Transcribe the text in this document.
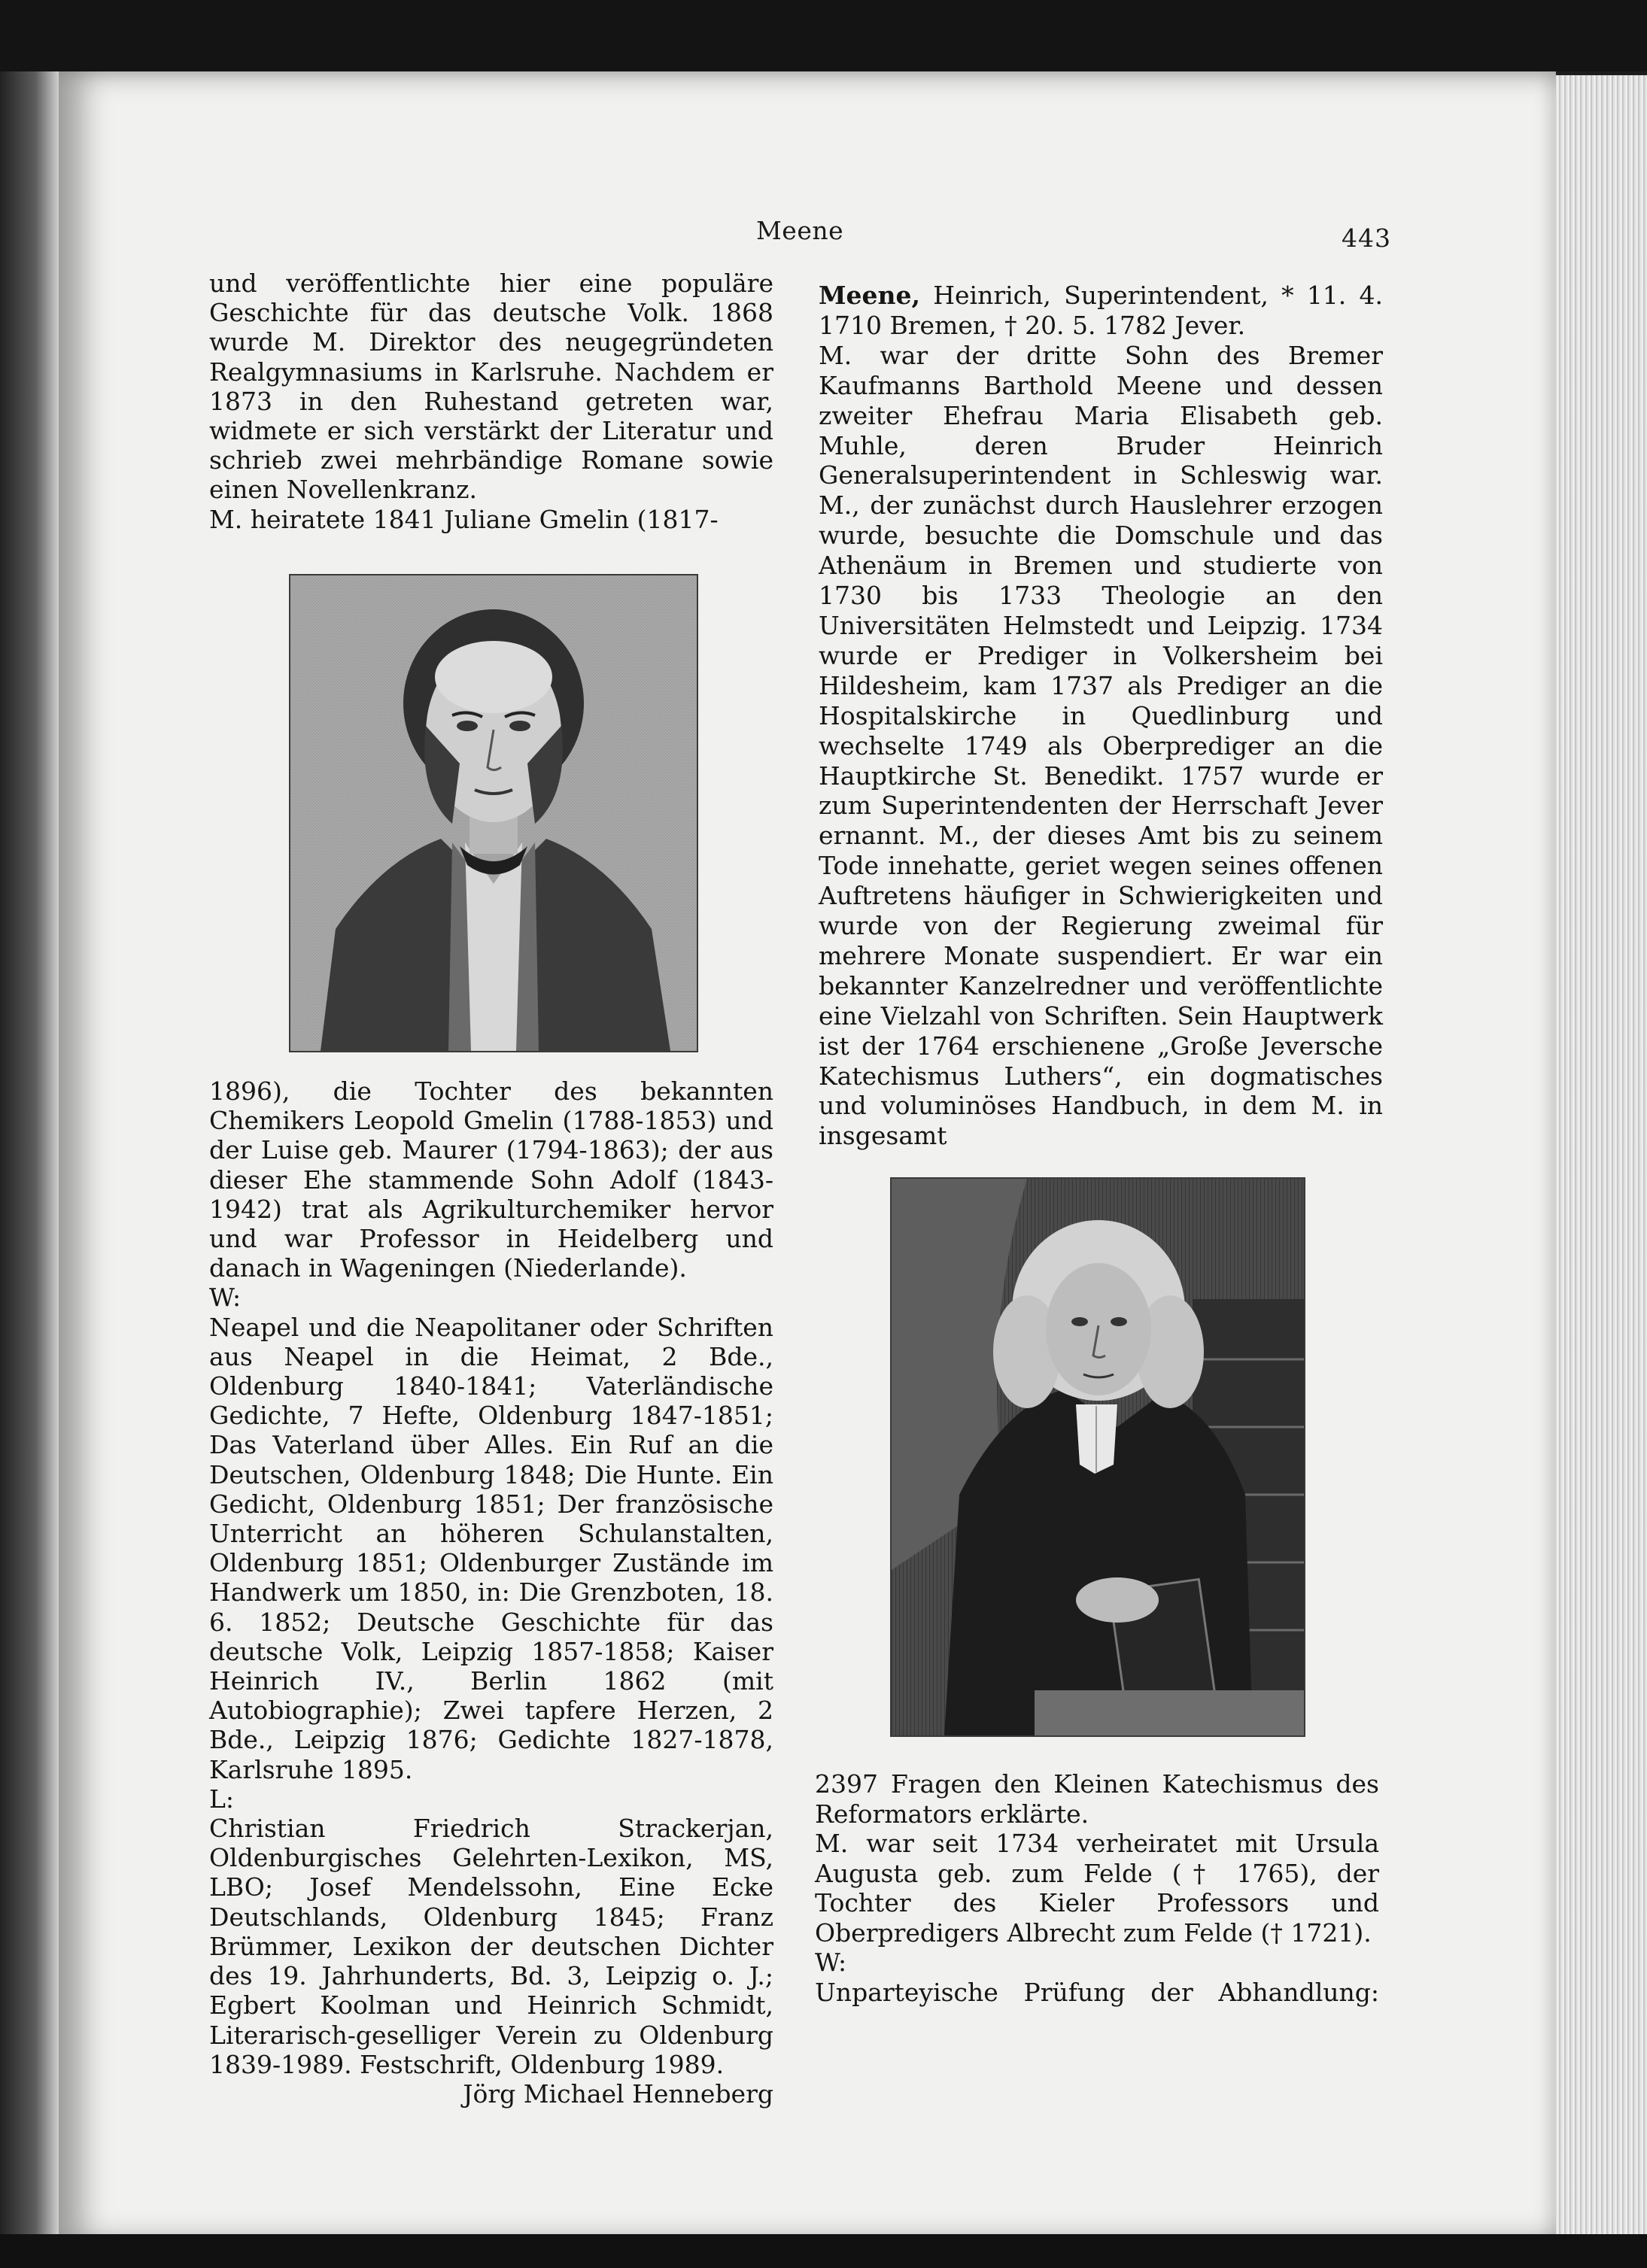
Meene	443

und veröffentlichte hier eine populäre Geschichte für das deutsche Volk. 1868 wurde M. Direktor des neugegründeten Realgymnasiums in Karlsruhe. Nachdem er 1873 in den Ruhestand getreten war, widmete er sich verstärkt der Literatur und schrieb zwei mehrbändige Romane sowie einen Novellenkranz.

M. heiratete 1841 Juliane Gmelin (1817-

1896), die Tochter des bekannten Chemikers Leopold Gmelin (1788-1853) und der Luise geb. Maurer (1794-1863); der aus dieser Ehe stammende Sohn Adolf (1843-1942) trat als Agrikulturchemiker hervor und war Professor in Heidelberg und danach in Wageningen (Niederlande).

W:

Neapel und die Neapolitaner oder Schriften aus Neapel in die Heimat, 2 Bde., Oldenburg 1840-1841; Vaterländische Gedichte, 7 Hefte, Oldenburg 1847-1851; Das Vaterland über Alles. Ein Ruf an die Deutschen, Oldenburg 1848; Die Hunte. Ein Gedicht, Oldenburg 1851; Der französische Unterricht an höheren Schulanstalten, Oldenburg 1851; Oldenburger Zustände im Handwerk um 1850, in: Die Grenzboten, 18. 6. 1852; Deutsche Geschichte für das deutsche Volk, Leipzig 1857-1858; Kaiser Heinrich IV., Berlin 1862 (mit Autobiographie); Zwei tapfere Herzen, 2 Bde., Leipzig 1876; Gedichte 1827-1878, Karlsruhe 1895.

L:

Christian Friedrich Strackerjan, Oldenburgisches Gelehrten-Lexikon, MS, LBO; Josef Mendelssohn, Eine Ecke Deutschlands, Oldenburg 1845; Franz Brümmer, Lexikon der deutschen Dichter des 19. Jahrhunderts, Bd. 3, Leipzig o. J.; Egbert Koolman und Heinrich Schmidt, Literarisch-geselliger Verein zu Oldenburg 1839-1989. Festschrift, Oldenburg 1989.

Jörg Michael Henneberg

Meene, Heinrich, Superintendent, * 11. 4. 1710 Bremen, † 20. 5. 1782 Jever.

M. war der dritte Sohn des Bremer Kaufmanns Barthold Meene und dessen zweiter Ehefrau Maria Elisabeth geb. Muhle, deren Bruder Heinrich Generalsuperintendent in Schleswig war. M., der zunächst durch Hauslehrer erzogen wurde, besuchte die Domschule und das Athenäum in Bremen und studierte von 1730 bis 1733 Theologie an den Universitäten Helmstedt und Leipzig. 1734 wurde er Prediger in Volkersheim bei Hildesheim, kam 1737 als Prediger an die Hospitalskirche in Quedlinburg und wechselte 1749 als Oberprediger an die Hauptkirche St. Benedikt. 1757 wurde er zum Superintendenten der Herrschaft Jever ernannt. M., der dieses Amt bis zu seinem Tode innehatte, geriet wegen seines offenen Auftretens häufiger in Schwierigkeiten und wurde von der Regierung zweimal für mehrere Monate suspendiert. Er war ein bekannter Kanzelredner und veröffentlichte eine Vielzahl von Schriften. Sein Hauptwerk ist der 1764 erschienene „Große Jeversche Katechismus Luthers“, ein dogmatisches und voluminöses Handbuch, in dem M. in insgesamt

2397 Fragen den Kleinen Katechismus des Reformators erklärte.

M. war seit 1734 verheiratet mit Ursula Augusta geb. zum Felde († 1765), der Tochter des Kieler Professors und Oberpredigers Albrecht zum Felde († 1721).

W:

Unparteyische Prüfung der Abhandlung:
